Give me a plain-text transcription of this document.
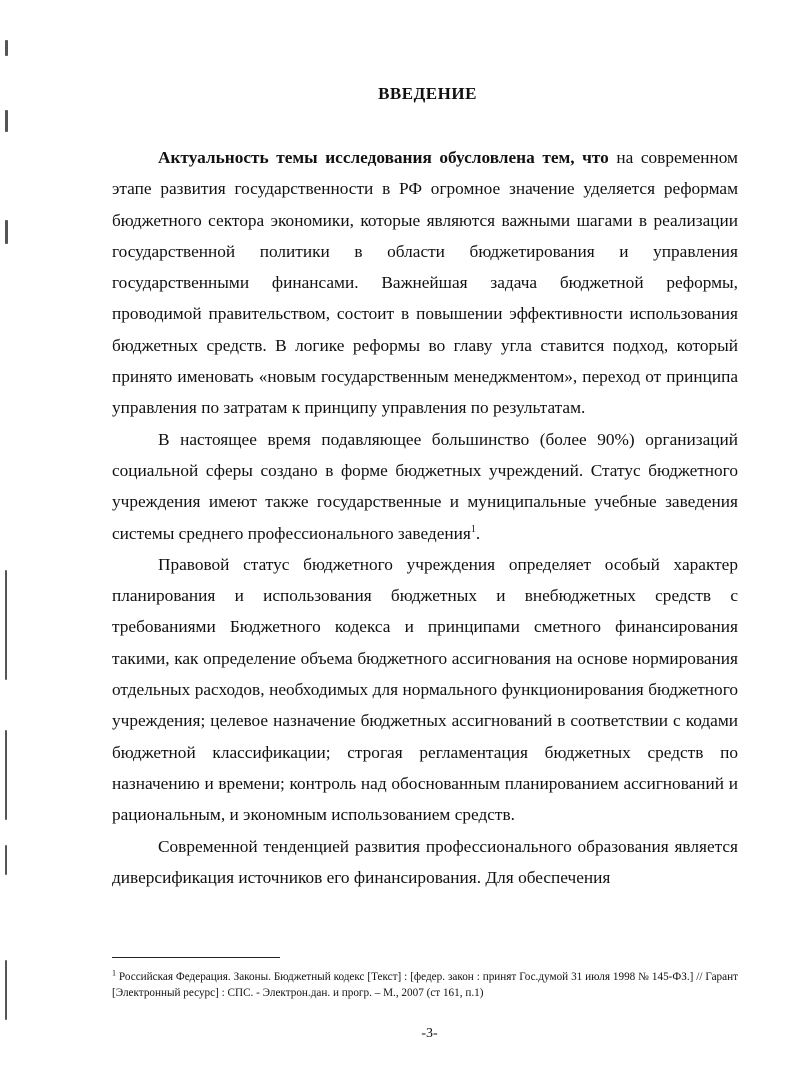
ВВЕДЕНИЕ

Актуальность темы исследования обусловлена тем, что на современном этапе развития государственности в РФ огромное значение уделяется реформам бюджетного сектора экономики, которые являются важными шагами в реализации государственной политики в области бюджетирования и управления государственными финансами. Важнейшая задача бюджетной реформы, проводимой правительством, состоит в повышении эффективности использования бюджетных средств. В логике реформы во главу угла ставится подход, который принято именовать «новым государственным менеджментом», переход от принципа управления по затратам к принципу управления по результатам.

В настоящее время подавляющее большинство (более 90%) организаций социальной сферы создано в форме бюджетных учреждений. Статус бюджетного учреждения имеют также государственные и муниципальные учебные заведения системы среднего профессионального заведения$^1$.

Правовой статус бюджетного учреждения определяет особый характер планирования и использования бюджетных и внебюджетных средств с требованиями Бюджетного кодекса и принципами сметного финансирования такими, как определение объема бюджетного ассигнования на основе нормирования отдельных расходов, необходимых для нормального функционирования бюджетного учреждения; целевое назначение бюджетных ассигнований в соответствии с кодами бюджетной классификации; строгая регламентация бюджетных средств по назначению и времени; контроль над обоснованным планированием ассигнований и рациональным, и экономным использованием средств.

Современной тенденцией развития профессионального образования является диверсификация источников его финансирования. Для обеспечения

$^1$ Российская Федерация. Законы. Бюджетный кодекс [Текст] : [федер. закон : принят Гос.думой 31 июля 1998 № 145-ФЗ.] // Гарант [Электронный ресурс] : СПС. - Электрон.дан. и прогр. – М., 2007 (ст 161, п.1)
-3-
